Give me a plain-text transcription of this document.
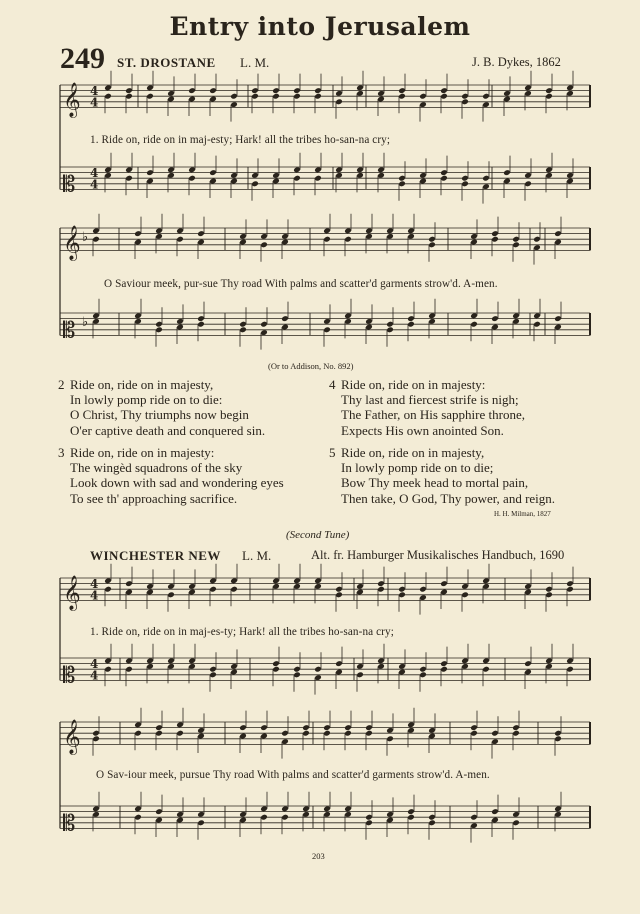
Entry into Jerusalem
249 ST. DROSTANE L. M.	J. B. Dykes, 1862
𝄞 4
4
𝄡 4
4
1. Ride on, ride on in maj-esty; Hark! all the tribes ho-san-na cry;
𝄞 ♭
𝄡 ♭
O Saviour meek, pur-sue Thy road With palms and scatter'd garments strow'd. A-men.
(Or to Addison, No. 892)
2 Ride on, ride on in majesty,
In lowly pomp ride on to die:
O Christ, Thy triumphs now begin
O'er captive death and conquered sin.
3 Ride on, ride on in majesty:
The wingèd squadrons of the sky
Look down with sad and wondering eyes
To see th' approaching sacrifice.
4 Ride on, ride on in majesty:
Thy last and fiercest strife is nigh;
The Father, on His sapphire throne,
Expects His own anointed Son.
5 Ride on, ride on in majesty,
In lowly pomp ride on to die;
Bow Thy meek head to mortal pain,
Then take, O God, Thy power, and reign.
H. H. Milman, 1827
(Second Tune)
WINCHESTER NEW L. M.	Alt. fr. Hamburger Musikalisches Handbuch, 1690
𝄞 4
4
𝄡 4
4
1. Ride on, ride on in maj-es-ty; Hark! all the tribes ho-san-na cry;
𝄞
𝄡
O Sav-iour meek, pursue Thy road With palms and scatter'd garments strow'd. A-men.
203
